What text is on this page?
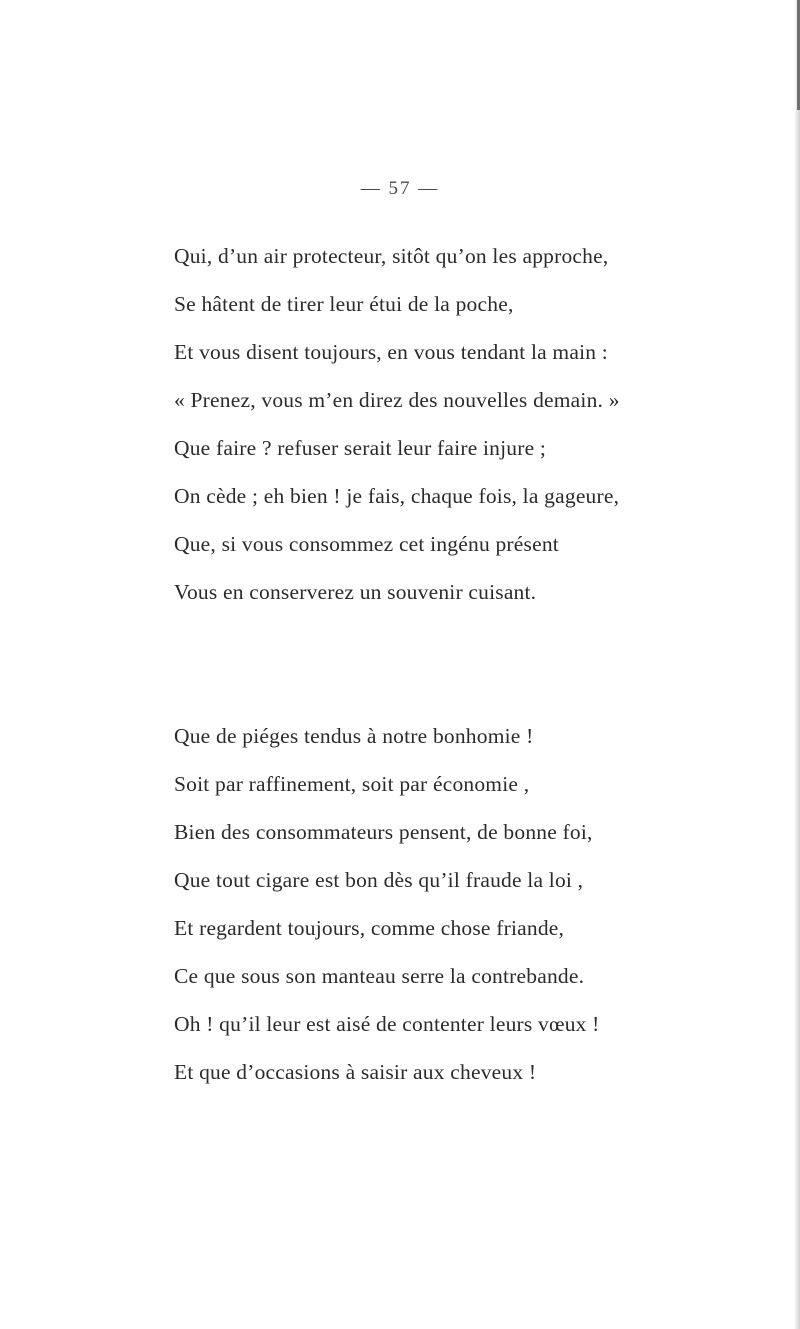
— 57 —
Qui, d’un air protecteur, sitôt qu’on les approche,
Se hâtent de tirer leur étui de la poche,
Et vous disent toujours, en vous tendant la main :
« Prenez, vous m’en direz des nouvelles demain. »
Que faire ? refuser serait leur faire injure ;
On cède ; eh bien ! je fais, chaque fois, la gageure,
Que, si vous consommez cet ingénu présent
Vous en conserverez un souvenir cuisant.
Que de piéges tendus à notre bonhomie !
Soit par raffinement, soit par économie ,
Bien des consommateurs pensent, de bonne foi,
Que tout cigare est bon dès qu’il fraude la loi ,
Et regardent toujours, comme chose friande,
Ce que sous son manteau serre la contrebande.
Oh ! qu’il leur est aisé de contenter leurs vœux !
Et que d’occasions à saisir aux cheveux !
